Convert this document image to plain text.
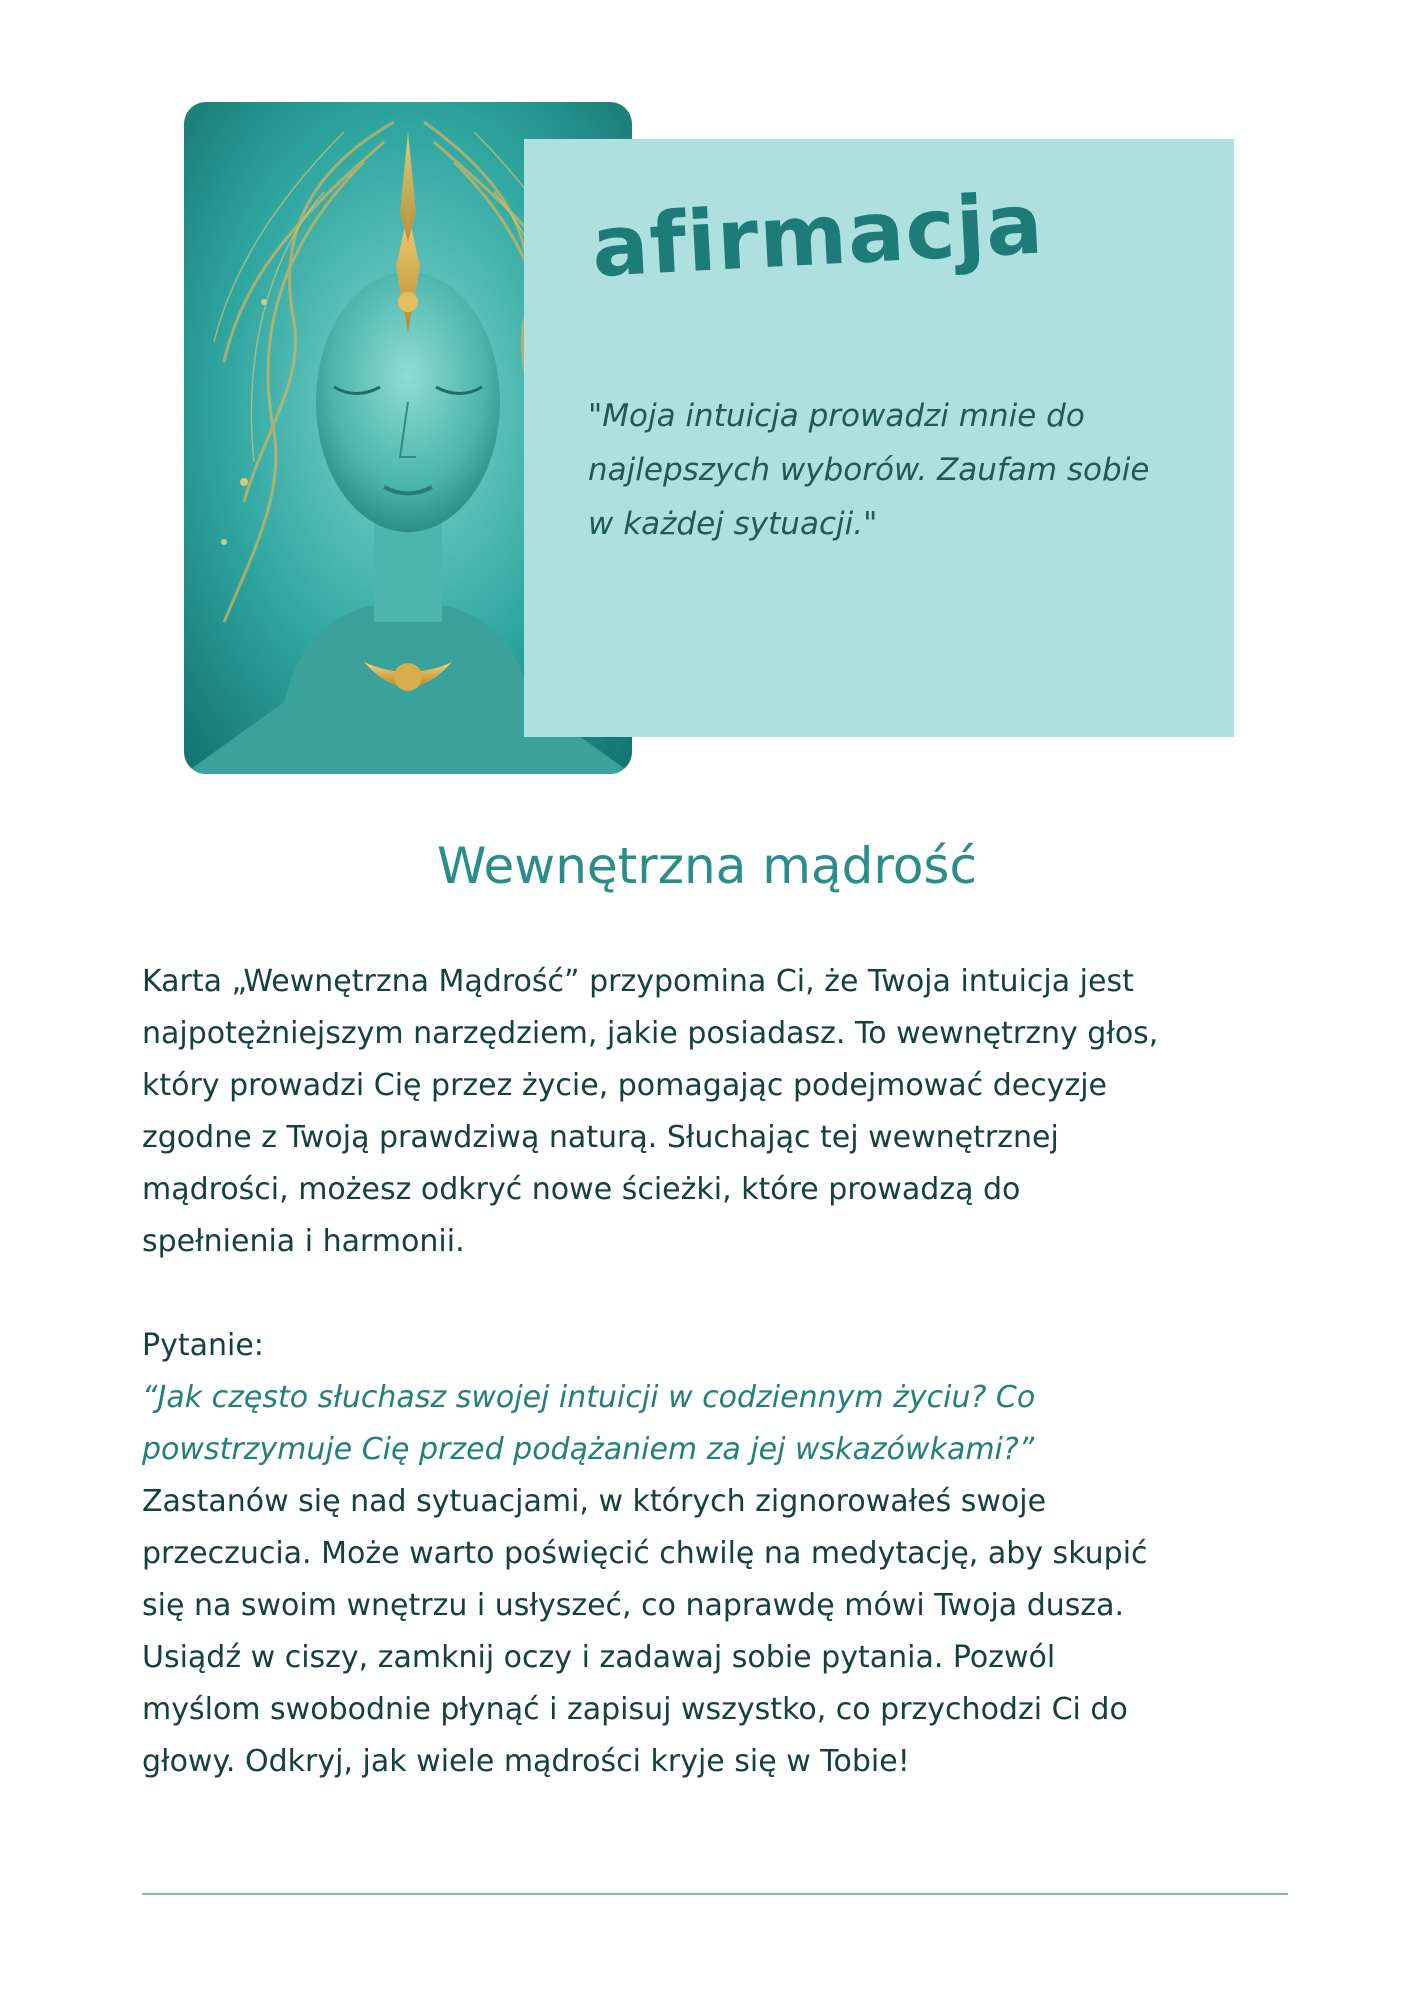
afirmacja

"Moja intuicja prowadzi mnie do
najlepszych wyborów. Zaufam sobie
w każdej sytuacji."

Wewnętrzna mądrość

Karta „Wewnętrzna Mądrość” przypomina Ci, że Twoja intuicja jest
najpotężniejszym narzędziem, jakie posiadasz. To wewnętrzny głos,
który prowadzi Cię przez życie, pomagając podejmować decyzje
zgodne z Twoją prawdziwą naturą. Słuchając tej wewnętrznej
mądrości, możesz odkryć nowe ścieżki, które prowadzą do
spełnienia i harmonii.

Pytanie:

“Jak często słuchasz swojej intuicji w codziennym życiu? Co
powstrzymuje Cię przed podążaniem za jej wskazówkami?”

Zastanów się nad sytuacjami, w których zignorowałeś swoje
przeczucia. Może warto poświęcić chwilę na medytację, aby skupić
się na swoim wnętrzu i usłyszeć, co naprawdę mówi Twoja dusza.
Usiądź w ciszy, zamknij oczy i zadawaj sobie pytania. Pozwól
myślom swobodnie płynąć i zapisuj wszystko, co przychodzi Ci do
głowy. Odkryj, jak wiele mądrości kryje się w Tobie!
